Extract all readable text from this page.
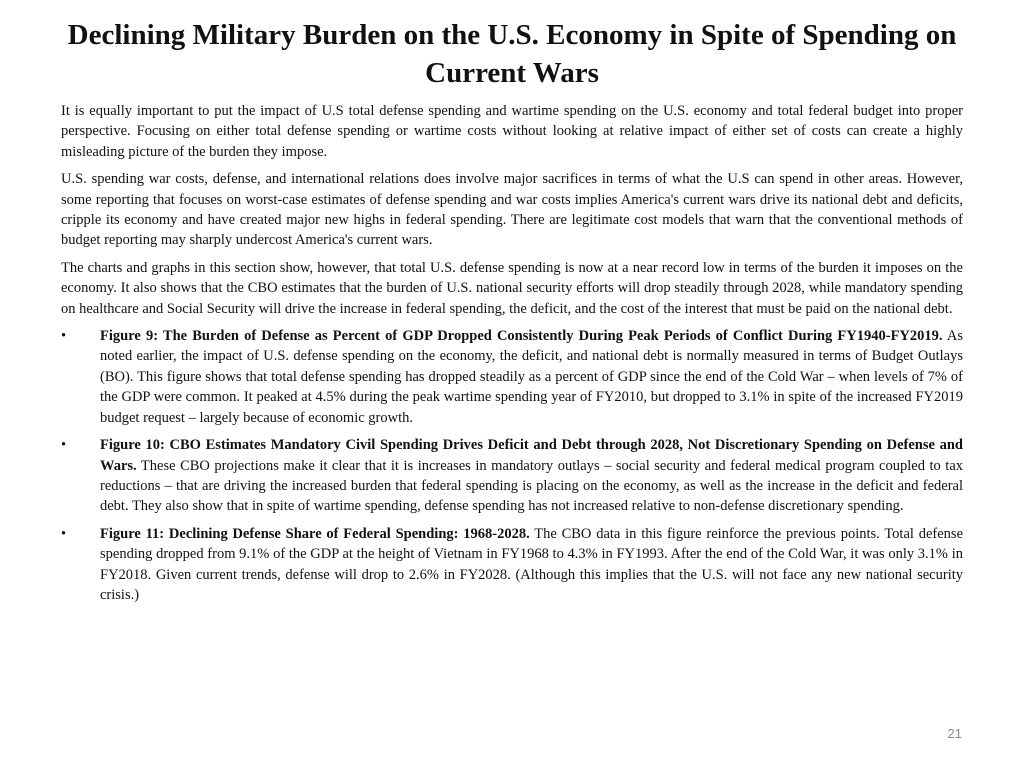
Declining Military Burden on the U.S. Economy in Spite of Spending on Current Wars

It is equally important to put the impact of U.S total defense spending and wartime spending on the U.S. economy and total federal budget into proper perspective. Focusing on either total defense spending or wartime costs without looking at relative impact of either set of costs can create a highly misleading picture of the burden they impose.

U.S. spending war costs, defense, and international relations does involve major sacrifices in terms of what the U.S can spend in other areas. However, some reporting that focuses on worst-case estimates of defense spending and war costs implies America's current wars drive its national debt and deficits, cripple its economy and have created major new highs in federal spending. There are legitimate cost models that warn that the conventional methods of budget reporting may sharply undercost America's current wars.

The charts and graphs in this section show, however, that total U.S. defense spending is now at a near record low in terms of the burden it imposes on the economy. It also shows that the CBO estimates that the burden of U.S. national security efforts will drop steadily through 2028, while mandatory spending on healthcare and Social Security will drive the increase in federal spending, the deficit, and the cost of the interest that must be paid on the national debt.

•	Figure 9: The Burden of Defense as Percent of GDP Dropped Consistently During Peak Periods of Conflict During FY1940-FY2019. As noted earlier, the impact of U.S. defense spending on the economy, the deficit, and national debt is normally measured in terms of Budget Outlays (BO). This figure shows that total defense spending has dropped steadily as a percent of GDP since the end of the Cold War – when levels of 7% of the GDP were common. It peaked at 4.5% during the peak wartime spending year of FY2010, but dropped to 3.1% in spite of the increased FY2019 budget request – largely because of economic growth.
•	Figure 10: CBO Estimates Mandatory Civil Spending Drives Deficit and Debt through 2028, Not Discretionary Spending on Defense and Wars. These CBO projections make it clear that it is increases in mandatory outlays – social security and federal medical program coupled to tax reductions – that are driving the increased burden that federal spending is placing on the economy, as well as the increase in the deficit and federal debt. They also show that in spite of wartime spending, defense spending has not increased relative to non-defense discretionary spending.
•	Figure 11: Declining Defense Share of Federal Spending: 1968-2028. The CBO data in this figure reinforce the previous points. Total defense spending dropped from 9.1% of the GDP at the height of Vietnam in FY1968 to 4.3% in FY1993. After the end of the Cold War, it was only 3.1% in FY2018. Given current trends, defense will drop to 2.6% in FY2028. (Although this implies that the U.S. will not face any new national security crisis.)
21
